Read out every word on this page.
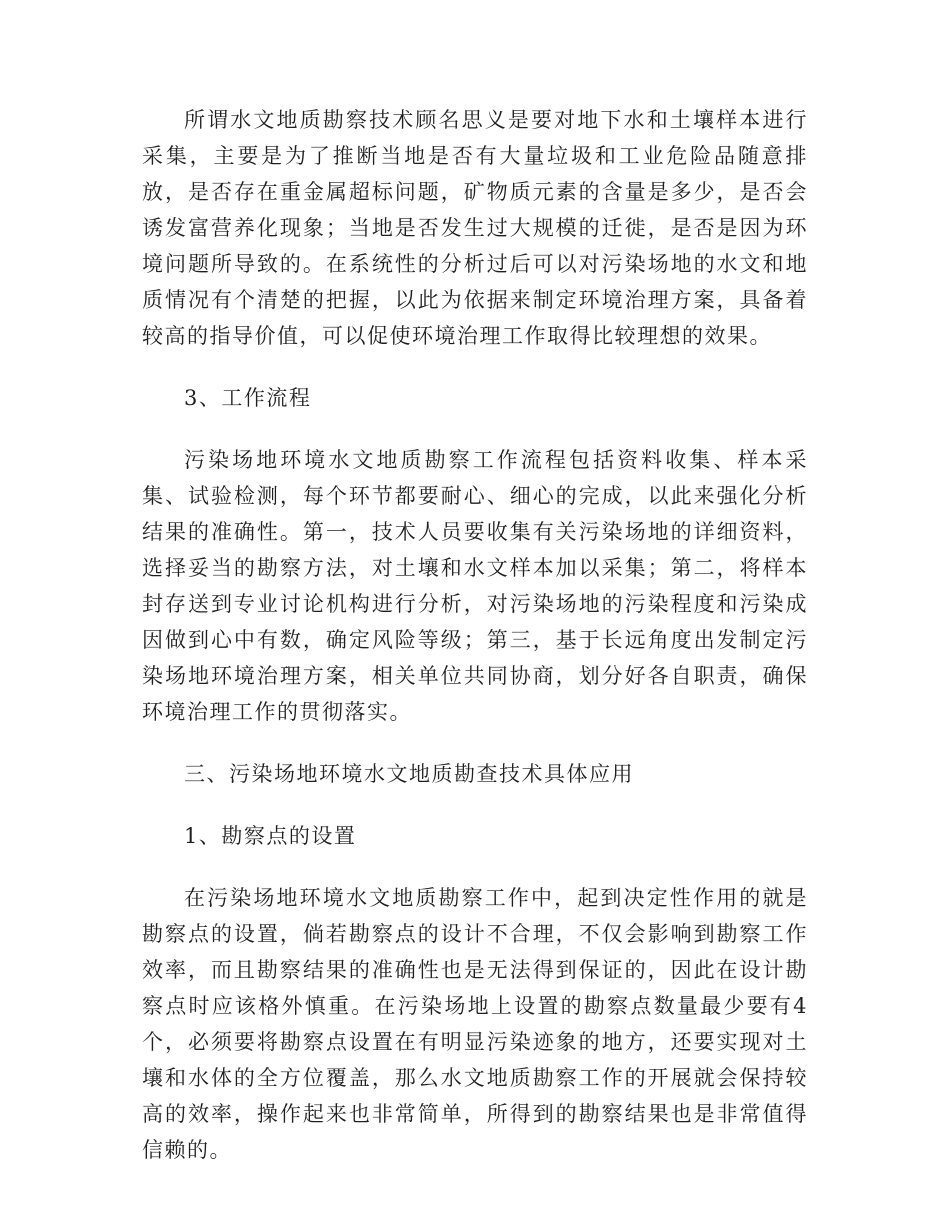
所谓水文地质勘察技术顾名思义是要对地下水和土壤样本进行采集，主要是为了推断当地是否有大量垃圾和工业危险品随意排放，是否存在重金属超标问题，矿物质元素的含量是多少，是否会诱发富营养化现象；当地是否发生过大规模的迁徙，是否是因为环境问题所导致的。在系统性的分析过后可以对污染场地的水文和地质情况有个清楚的把握，以此为依据来制定环境治理方案，具备着较高的指导价值，可以促使环境治理工作取得比较理想的效果。

3、工作流程

污染场地环境水文地质勘察工作流程包括资料收集、样本采集、试验检测，每个环节都要耐心、细心的完成，以此来强化分析结果的准确性。第一，技术人员要收集有关污染场地的详细资料，选择妥当的勘察方法，对土壤和水文样本加以采集；第二，将样本封存送到专业讨论机构进行分析，对污染场地的污染程度和污染成因做到心中有数，确定风险等级；第三，基于长远角度出发制定污染场地环境治理方案，相关单位共同协商，划分好各自职责，确保环境治理工作的贯彻落实。

三、污染场地环境水文地质勘查技术具体应用

1、勘察点的设置

在污染场地环境水文地质勘察工作中，起到决定性作用的就是勘察点的设置，倘若勘察点的设计不合理，不仅会影响到勘察工作效率，而且勘察结果的准确性也是无法得到保证的，因此在设计勘察点时应该格外慎重。在污染场地上设置的勘察点数量最少要有4个，必须要将勘察点设置在有明显污染迹象的地方，还要实现对土壤和水体的全方位覆盖，那么水文地质勘察工作的开展就会保持较高的效率，操作起来也非常简单，所得到的勘察结果也是非常值得信赖的。
